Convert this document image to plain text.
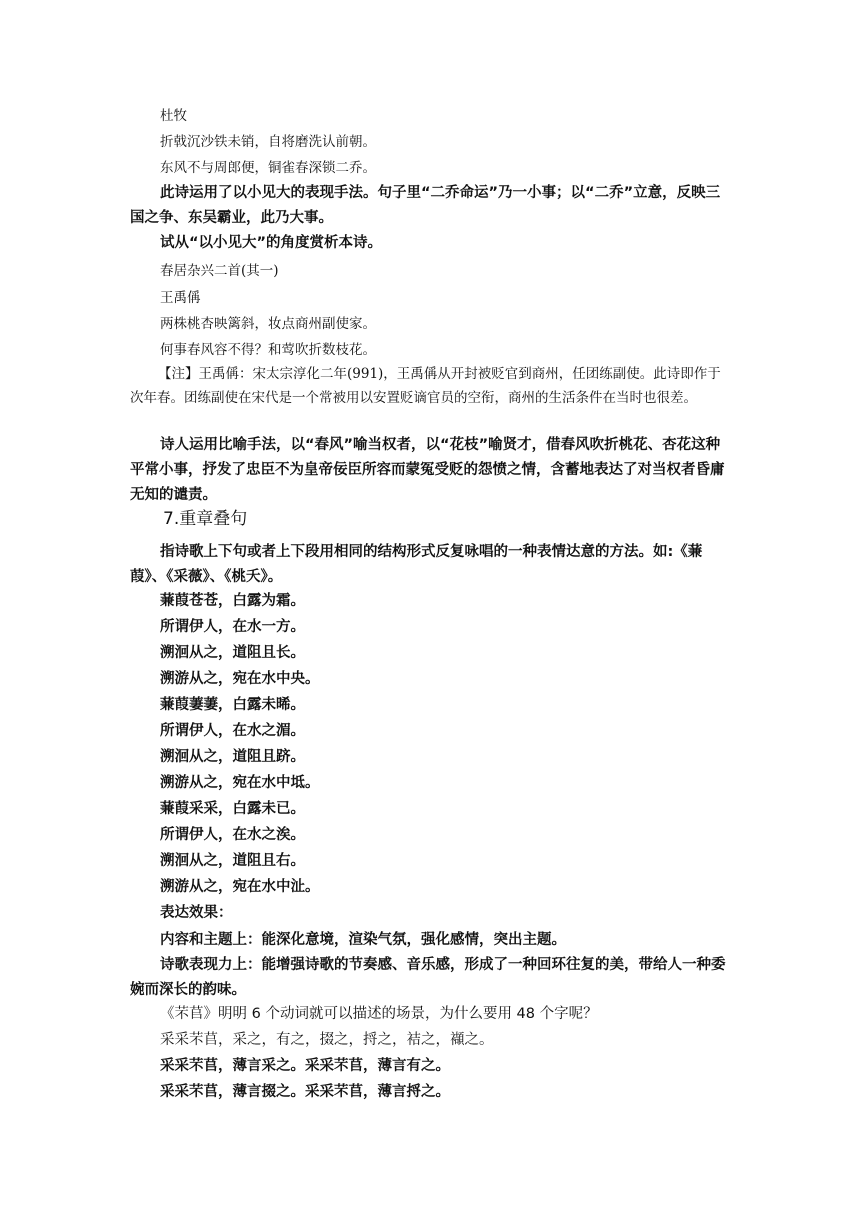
杜牧

折戟沉沙铁未销，自将磨洗认前朝。

东风不与周郎便，铜雀春深锁二乔。

此诗运用了以小见大的表现手法。句子里“二乔命运”乃一小事；以“二乔”立意，反映三国之争、东吴霸业，此乃大事。

试从“以小见大”的角度赏析本诗。

春居杂兴二首(其一)

王禹偁

两株桃杏映篱斜，妆点商州副使家。

何事春风容不得？和莺吹折数枝花。

【注】王禹偁：宋太宗淳化二年(991)，王禹偁从开封被贬官到商州，任团练副使。此诗即作于次年春。团练副使在宋代是一个常被用以安置贬谪官员的空衔，商州的生活条件在当时也很差。

诗人运用比喻手法，以“春风”喻当权者，以“花枝”喻贤才，借春风吹折桃花、杏花这种平常小事，抒发了忠臣不为皇帝佞臣所容而蒙冤受贬的怨愤之情，含蓄地表达了对当权者昏庸无知的谴责。

7.重章叠句

指诗歌上下句或者上下段用相同的结构形式反复咏唱的一种表情达意的方法。如:《蒹葭》、《采薇》、《桃夭》。

蒹葭苍苍，白露为霜。

所谓伊人，在水一方。

溯洄从之，道阻且长。

溯游从之，宛在水中央。

蒹葭萋萋，白露未晞。

所谓伊人，在水之湄。

溯洄从之，道阻且跻。

溯游从之，宛在水中坻。

蒹葭采采，白露未已。

所谓伊人，在水之涘。

溯洄从之，道阻且右。

溯游从之，宛在水中沚。

表达效果：

内容和主题上：能深化意境，渲染气氛，强化感情，突出主题。

诗歌表现力上：能增强诗歌的节奏感、音乐感，形成了一种回环往复的美，带给人一种委婉而深长的韵味。

《芣苢》明明 6 个动词就可以描述的场景，为什么要用 48 个字呢？

采采芣苢，采之，有之，掇之，捋之，袺之，襭之。

采采芣苢，薄言采之。采采芣苢，薄言有之。

采采芣苢，薄言掇之。采采芣苢，薄言捋之。
